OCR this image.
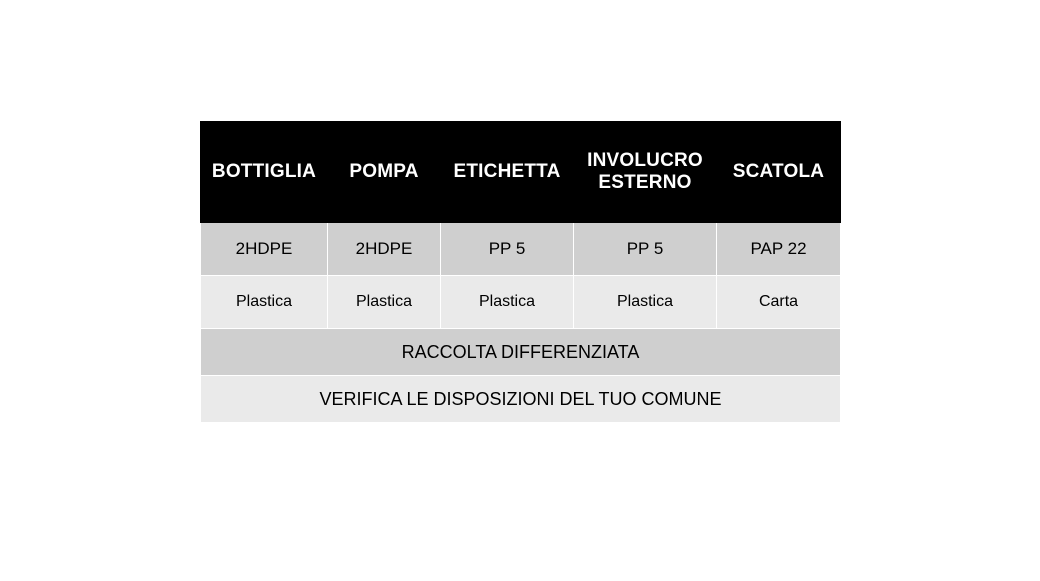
BOTTIGLIA	POMPA	ETICHETTA	INVOLUCRO ESTERNO	SCATOLA
2HDPE	2HDPE	PP 5	PP 5	PAP 22
Plastica	Plastica	Plastica	Plastica	Carta
RACCOLTA DIFFERENZIATA				
VERIFICA LE DISPOSIZIONI DEL TUO COMUNE				
